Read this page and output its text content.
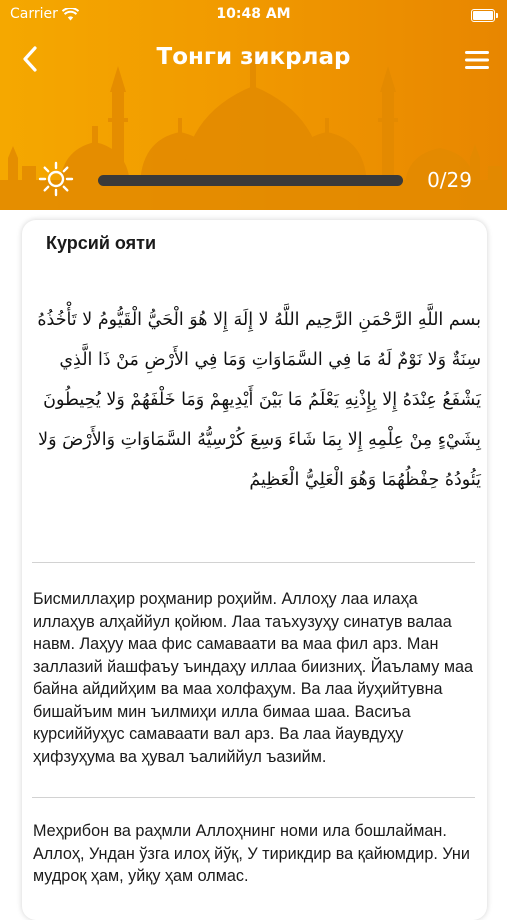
Carrier	10:48 AM
Тонги зикрлар
0/29
Курсий ояти
بسم اللَّهِ الرَّحْمَنِ الرَّحِيم اللَّهُ لا إِلَهَ إِلا هُوَ الْحَيُّ الْقَيُّومُ لا تَأْخُذُهُ سِنَةٌ وَلا نَوْمٌ لَهُ مَا فِي السَّمَاوَاتِ وَمَا فِي الأَرْضِ مَنْ ذَا الَّذِي يَشْفَعُ عِنْدَهُ إِلا بِإِذْنِهِ يَعْلَمُ مَا بَيْنَ أَيْدِيهِمْ وَمَا خَلْفَهُمْ وَلا يُحِيطُونَ بِشَيْءٍ مِنْ عِلْمِهِ إِلا بِمَا شَاءَ وَسِعَ كُرْسِيُّهُ السَّمَاوَاتِ وَالأَرْضَ وَلا يَئُودُهُ حِفْظُهُمَا وَهُوَ الْعَلِيُّ الْعَظِيمُ
Бисмиллаҳир роҳманир роҳийм. Аллоҳу лаа илаҳа иллаҳув алҳаййул қойюм. Лаа таъхузуҳу синатув валаа навм. Лаҳуу маа фис самаваати ва маа фил арз. Ман заллазий йашфаъу ъиндаҳу иллаа биизниҳ. Йаъламу маа байна айдийҳим ва маа холфаҳум. Ва лаа йуҳийтувна бишайъим мин ъилмиҳи илла бимаа шаа. Васиъа курсиййуҳус самаваати вал арз. Ва лаа йаувдуҳу ҳифзуҳума ва ҳувал ъалиййул ъазийм.
Меҳрибон ва раҳмли Аллоҳнинг номи ила бошлайман. Аллоҳ, Ундан ўзга илоҳ йўқ, У тирикдир ва қайюмдир. Уни мудроқ ҳам, уйқу ҳам олмас.
